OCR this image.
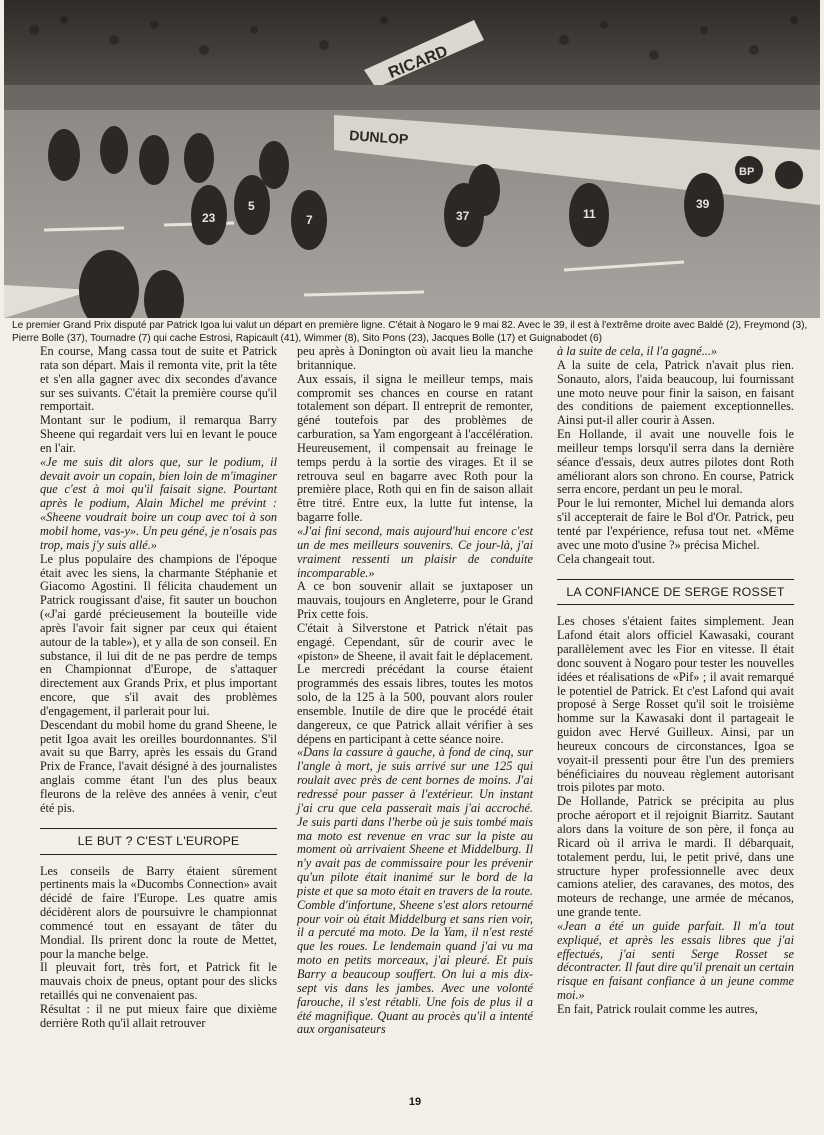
RICARD
DUNLOP
BP
23
5
7	37	11
39
Le premier Grand Prix disputé par Patrick Igoa lui valut un départ en première ligne. C'était à Nogaro le 9 mai 82. Avec le 39, il est à l'extrême droite avec Baldé (2), Freymond (3), Pierre Bolle (37), Tournadre (7) qui cache Estrosi, Rapicault (41), Wimmer (8), Sito Pons (23), Jacques Bolle (17) et Guignabodet (6)

En course, Mang cassa tout de suite et Patrick rata son départ. Mais il remonta vite, prit la tête et s'en alla gagner avec dix secondes d'avance sur ses suivants. C'était la première course qu'il remportait.

Montant sur le podium, il remarqua Barry Sheene qui regardait vers lui en levant le pouce en l'air.

«Je me suis dit alors que, sur le podium, il devait avoir un copain, bien loin de m'imaginer que c'est à moi qu'il faisait signe. Pourtant après le podium, Alain Michel me prévint : «Sheene voudrait boire un coup avec toi à son mobil home, vas-y». Un peu géné, je n'osais pas trop, mais j'y suis allé.»

Le plus populaire des champions de l'époque était avec les siens, la charmante Stéphanie et Giacomo Agostini. Il félicita chaudement un Patrick rougissant d'aise, fit sauter un bouchon («J'ai gardé précieusement la bouteille vide après l'avoir fait signer par ceux qui étaient autour de la table»), et y alla de son conseil. En substance, il lui dit de ne pas perdre de temps en Championnat d'Europe, de s'attaquer directement aux Grands Prix, et plus important encore, que s'il avait des problèmes d'engagement, il parlerait pour lui.

Descendant du mobil home du grand Sheene, le petit Igoa avait les oreilles bourdonnantes. S'il avait su que Barry, après les essais du Grand Prix de France, l'avait désigné à des journalistes anglais comme étant l'un des plus beaux fleurons de la relève des années à venir, c'eut été pis.

LE BUT ? C'EST L'EUROPE

Les conseils de Barry étaient sûrement pertinents mais la «Ducombs Connection» avait décidé de faire l'Europe. Les quatre amis décidèrent alors de poursuivre le championnat commencé tout en essayant de tâter du Mondial. Ils prirent donc la route de Mettet, pour la manche belge.

Il pleuvait fort, très fort, et Patrick fit le mauvais choix de pneus, optant pour des slicks retaillés qui ne convenaient pas.

Résultat : il ne put mieux faire que dixième derrière Roth qu'il allait retrouver

peu après à Donington où avait lieu la manche britannique.

Aux essais, il signa le meilleur temps, mais compromit ses chances en course en ratant totalement son départ. Il entreprit de remonter, géné toutefois par des problèmes de carburation, sa Yam engorgeant à l'accélération. Heureusement, il compensait au freinage le temps perdu à la sortie des virages. Et il se retrouva seul en bagarre avec Roth pour la première place, Roth qui en fin de saison allait être titré. Entre eux, la lutte fut intense, la bagarre folle.

«J'ai fini second, mais aujourd'hui encore c'est un de mes meilleurs souvenirs. Ce jour-là, j'ai vraiment ressenti un plaisir de conduite incomparable.»

A ce bon souvenir allait se juxtaposer un mauvais, toujours en Angleterre, pour le Grand Prix cette fois.

C'était à Silverstone et Patrick n'était pas engagé. Cependant, sûr de courir avec le «piston» de Sheene, il avait fait le déplacement. Le mercredi précédant la course étaient programmés des essais libres, toutes les motos solo, de la 125 à la 500, pouvant alors rouler ensemble. Inutile de dire que le procédé était dangereux, ce que Patrick allait vérifier à ses dépens en participant à cette séance noire.

«Dans la cassure à gauche, à fond de cinq, sur l'angle à mort, je suis arrivé sur une 125 qui roulait avec près de cent bornes de moins. J'ai redressé pour passer à l'extérieur. Un instant j'ai cru que cela passerait mais j'ai accroché. Je suis parti dans l'herbe où je suis tombé mais ma moto est revenue en vrac sur la piste au moment où arrivaient Sheene et Middelburg. Il n'y avait pas de commissaire pour les prévenir qu'un pilote était inanimé sur le bord de la piste et que sa moto était en travers de la route. Comble d'infortune, Sheene s'est alors retourné pour voir où était Middelburg et sans rien voir, il a percuté ma moto. De la Yam, il n'est resté que les roues. Le lendemain quand j'ai vu ma moto en petits morceaux, j'ai pleuré. Et puis Barry a beaucoup souffert. On lui a mis dix-sept vis dans les jambes. Avec une volonté farouche, il s'est rétabli. Une fois de plus il a été magnifique. Quant au procès qu'il a intenté aux organisateurs

à la suite de cela, il l'a gagné...»

A la suite de cela, Patrick n'avait plus rien. Sonauto, alors, l'aida beaucoup, lui fournissant une moto neuve pour finir la saison, en faisant des conditions de paiement exceptionnelles. Ainsi put-il aller courir à Assen.

En Hollande, il avait une nouvelle fois le meilleur temps lorsqu'il serra dans la dernière séance d'essais, deux autres pilotes dont Roth améliorant alors son chrono. En course, Patrick serra encore, perdant un peu le moral.

Pour le lui remonter, Michel lui demanda alors s'il accepterait de faire le Bol d'Or. Patrick, peu tenté par l'expérience, refusa tout net. «Même avec une moto d'usine ?» précisa Michel.

Cela changeait tout.

LA CONFIANCE DE SERGE ROSSET

Les choses s'étaient faites simplement. Jean Lafond était alors officiel Kawasaki, courant parallèlement avec les Fior en vitesse. Il était donc souvent à Nogaro pour tester les nouvelles idées et réalisations de «Pif» ; il avait remarqué le potentiel de Patrick. Et c'est Lafond qui avait proposé à Serge Rosset qu'il soit le troisième homme sur la Kawasaki dont il partageait le guidon avec Hervé Guilleux. Ainsi, par un heureux concours de circonstances, Igoa se voyait-il pressenti pour être l'un des premiers bénéficiaires du nouveau règlement autorisant trois pilotes par moto.

De Hollande, Patrick se précipita au plus proche aéroport et il rejoignit Biarritz. Sautant alors dans la voiture de son père, il fonça au Ricard où il arriva le mardi. Il débarquait, totalement perdu, lui, le petit privé, dans une structure hyper professionnelle avec deux camions atelier, des caravanes, des motos, des moteurs de rechange, une armée de mécanos, une grande tente.

«Jean a été un guide parfait. Il m'a tout expliqué, et après les essais libres que j'ai effectués, j'ai senti Serge Rosset se décontracter. Il faut dire qu'il prenait un certain risque en faisant confiance à un jeune comme moi.»

En fait, Patrick roulait comme les autres,

19
